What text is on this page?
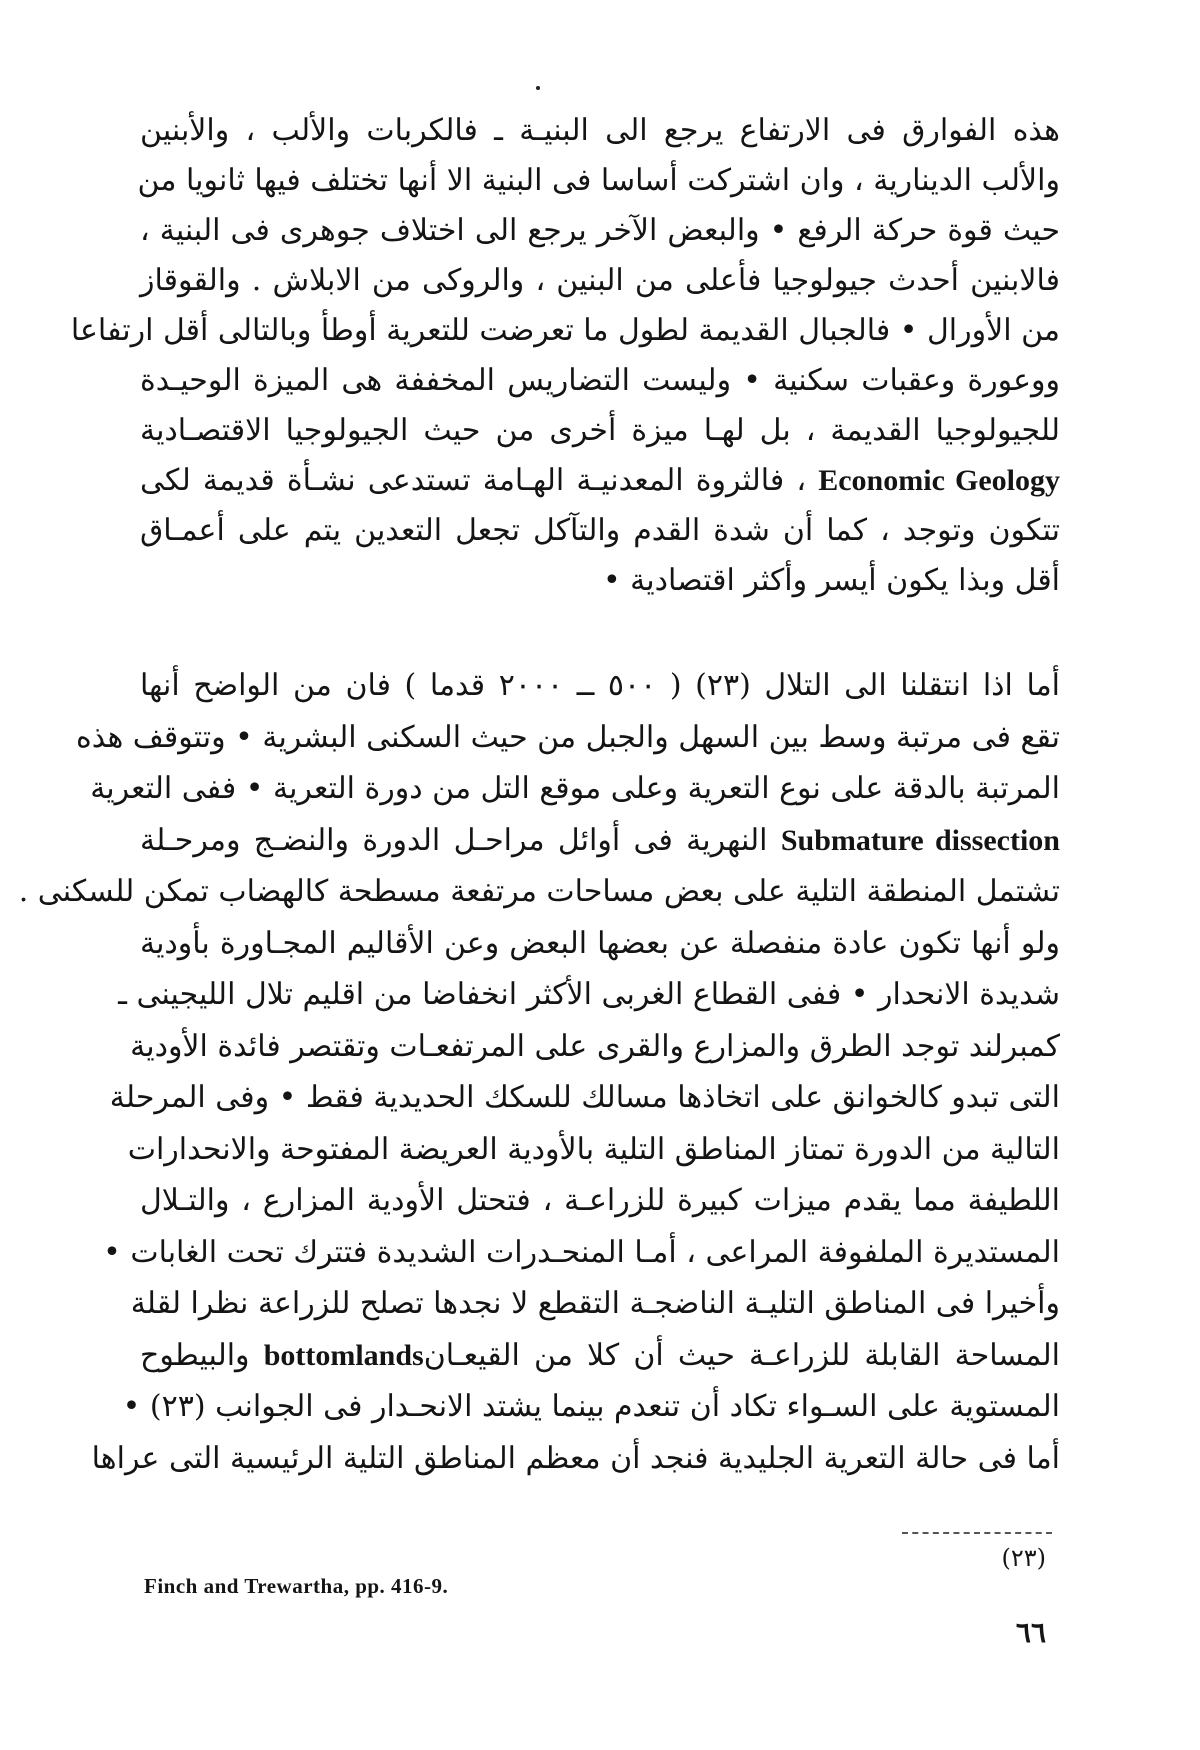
هذه الفوارق فى الارتفاع يرجع الى البنيـة ـ فالكربات والألب ، والأبنين
والألب الدينارية ، وان اشتركت أساسا فى البنية الا أنها تختلف فيها ثانويا من
حيث قوة حركة الرفع • والبعض الآخر يرجع الى اختلاف جوهرى فى البنية ،
فالابنين أحدث جيولوجيا فأعلى من البنين ، والروكى من الابلاش . والقوقاز
من الأورال • فالجبال القديمة لطول ما تعرضت للتعرية أوطأ وبالتالى أقل ارتفاعا
ووعورة وعقبات سكنية • وليست التضاريس المخففة هى الميزة الوحيـدة
للجيولوجيا القديمة ، بل لهـا ميزة أخرى من حيث الجيولوجيا الاقتصـادية
Economic Geology ، فالثروة المعدنيـة الهـامة تستدعى نشـأة قديمة لكى
تتكون وتوجد ، كما أن شدة القدم والتآكل تجعل التعدين يتم على أعمـاق
أقل وبذا يكون أيسر وأكثر اقتصادية •
أما اذا انتقلنا الى التلال (٢٣) ( ٥٠٠ ــ ٢٠٠٠ قدما ) فان من الواضح أنها
تقع فى مرتبة وسط بين السهل والجبل من حيث السكنى البشرية • وتتوقف هذه
المرتبة بالدقة على نوع التعرية وعلى موقع التل من دورة التعرية • ففى التعرية
Submature dissection النهرية فى أوائل مراحـل الدورة والنضـج ومرحـلة
تشتمل المنطقة التلية على بعض مساحات مرتفعة مسطحة كالهضاب تمكن للسكنى .
ولو أنها تكون عادة منفصلة عن بعضها البعض وعن الأقاليم المجـاورة بأودية
شديدة الانحدار • ففى القطاع الغربى الأكثر انخفاضا من اقليم تلال الليجينى ـ
كمبرلند توجد الطرق والمزارع والقرى على المرتفعـات وتقتصر فائدة الأودية
التى تبدو كالخوانق على اتخاذها مسالك للسكك الحديدية فقط • وفى المرحلة
التالية من الدورة تمتاز المناطق التلية بالأودية العريضة المفتوحة والانحدارات
اللطيفة مما يقدم ميزات كبيرة للزراعـة ، فتحتل الأودية المزارع ، والتـلال
المستديرة الملفوفة المراعى ، أمـا المنحـدرات الشديدة فتترك تحت الغابات •
وأخيرا فى المناطق التليـة الناضجـة التقطع لا نجدها تصلح للزراعة نظرا لقلة
المساحة القابلة للزراعـة حيث أن كلا من القيعـانbottomlands والبيطوح
المستوية على السـواء تكاد أن تنعدم بينما يشتد الانحـدار فى الجوانب (٢٣) •
أما فى حالة التعرية الجليدية فنجد أن معظم المناطق التلية الرئيسية التى عراها
(٢٣)
Finch and Trewartha, pp. 416-9.
٦٦
